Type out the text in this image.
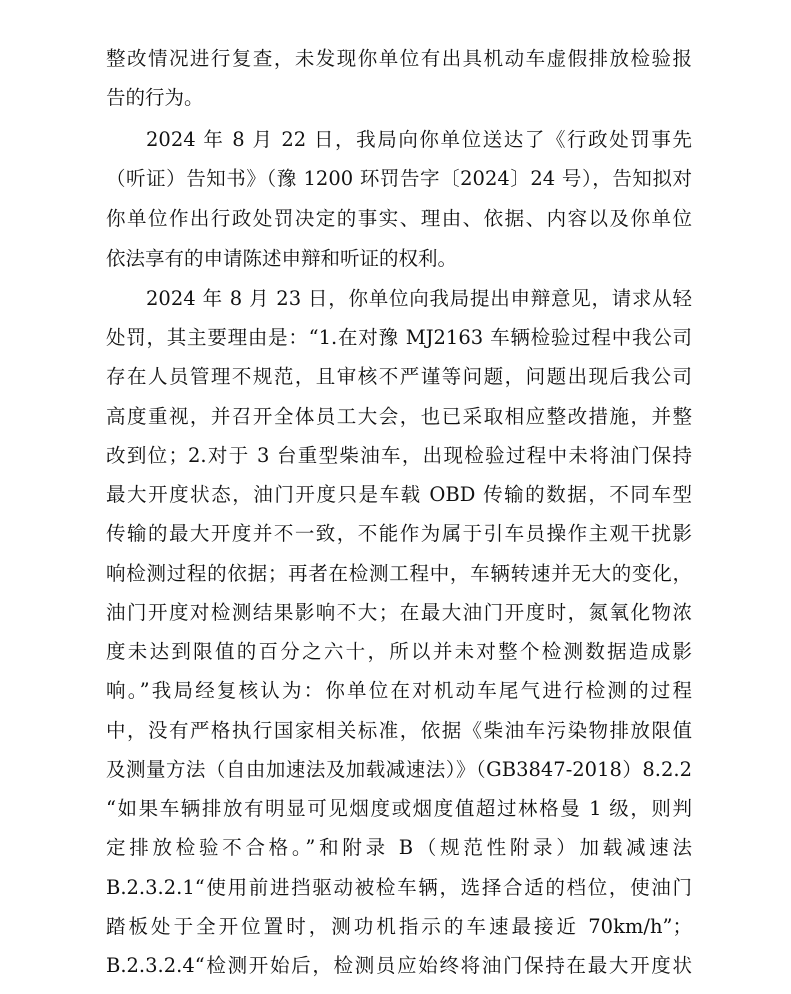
整改情况进行复查，未发现你单位有出具机动车虚假排放检验报
告的行为。
2024 年 8 月 22 日，我局向你单位送达了《行政处罚事先
（听证）告知书》（豫 1200 环罚告字〔2024〕24 号），告知拟对
你单位作出行政处罚决定的事实、理由、依据、内容以及你单位
依法享有的申请陈述申辩和听证的权利。
2024 年 8 月 23 日，你单位向我局提出申辩意见，请求从轻
处罚，其主要理由是：“1.在对豫 MJ2163 车辆检验过程中我公司
存在人员管理不规范，且审核不严谨等问题，问题出现后我公司
高度重视，并召开全体员工大会，也已采取相应整改措施，并整
改到位；2.对于 3 台重型柴油车，出现检验过程中未将油门保持
最大开度状态，油门开度只是车载 OBD 传输的数据，不同车型
传输的最大开度并不一致，不能作为属于引车员操作主观干扰影
响检测过程的依据；再者在检测工程中，车辆转速并无大的变化，
油门开度对检测结果影响不大；在最大油门开度时，氮氧化物浓
度未达到限值的百分之六十，所以并未对整个检测数据造成影
响。”我局经复核认为：你单位在对机动车尾气进行检测的过程
中，没有严格执行国家相关标准，依据《柴油车污染物排放限值
及测量方法（自由加速法及加载减速法）》（GB3847-2018）8.2.2
“如果车辆排放有明显可见烟度或烟度值超过林格曼 1 级，则判
定排放检验不合格。”和附录 B（规范性附录）加载减速法
B.2.3.2.1“使用前进挡驱动被检车辆，选择合适的档位，使油门
踏板处于全开位置时，测功机指示的车速最接近 70km/h”；
B.2.3.2.4“检测开始后，检测员应始终将油门保持在最大开度状
